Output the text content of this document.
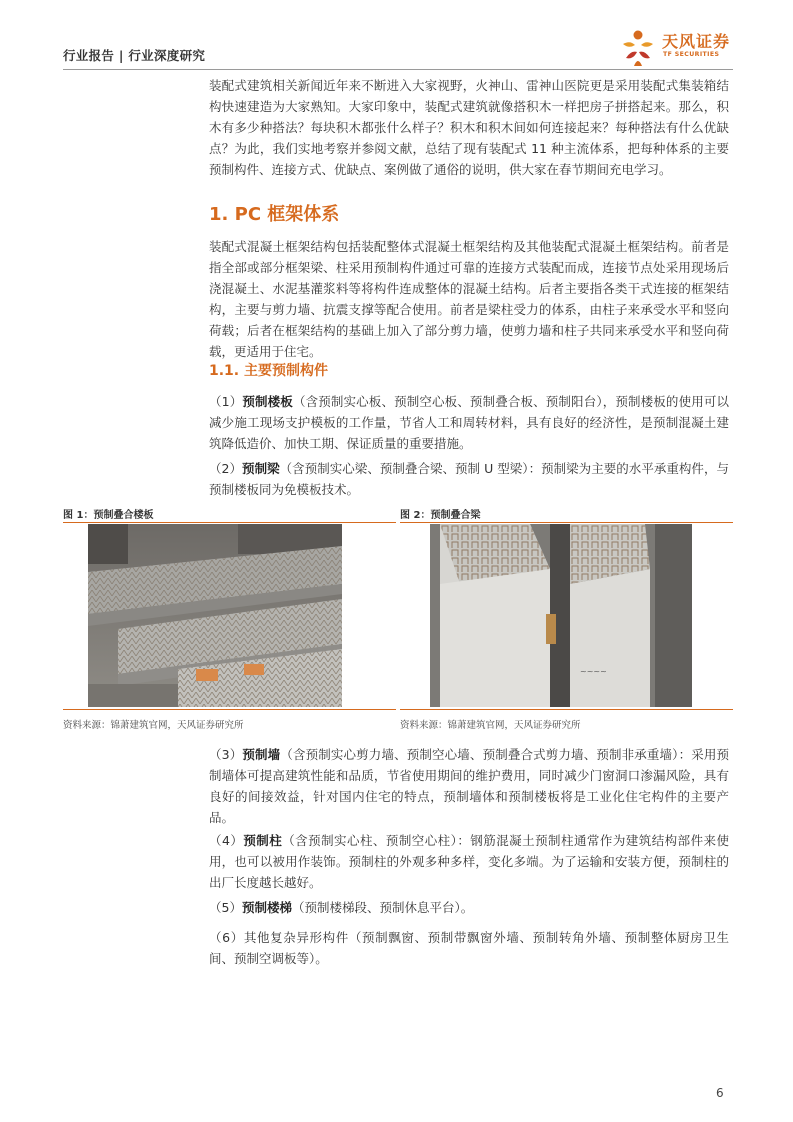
行业报告 | 行业深度研究
天风证券
TF SECURITIES

装配式建筑相关新闻近年来不断进入大家视野，火神山、雷神山医院更是采用装配式集装箱结构快速建造为大家熟知。大家印象中，装配式建筑就像搭积木一样把房子拼搭起来。那么，积木有多少种搭法？每块积木都张什么样子？积木和积木间如何连接起来？每种搭法有什么优缺点？为此，我们实地考察并参阅文献，总结了现有装配式 11 种主流体系，把每种体系的主要预制构件、连接方式、优缺点、案例做了通俗的说明，供大家在春节期间充电学习。

1. PC 框架体系

装配式混凝土框架结构包括装配整体式混凝土框架结构及其他装配式混凝土框架结构。前者是指全部或部分框架梁、柱采用预制构件通过可靠的连接方式装配而成，连接节点处采用现场后浇混凝土、水泥基灌浆料等将构件连成整体的混凝土结构。后者主要指各类干式连接的框架结构，主要与剪力墙、抗震支撑等配合使用。前者是梁柱受力的体系，由柱子来承受水平和竖向荷载；后者在框架结构的基础上加入了部分剪力墙，使剪力墙和柱子共同来承受水平和竖向荷载，更适用于住宅。

1.1. 主要预制构件

（1）预制楼板（含预制实心板、预制空心板、预制叠合板、预制阳台），预制楼板的使用可以减少施工现场支护模板的工作量，节省人工和周转材料，具有良好的经济性，是预制混凝土建筑降低造价、加快工期、保证质量的重要措施。

（2）预制梁（含预制实心梁、预制叠合梁、预制 U 型梁）：预制梁为主要的水平承重构件，与预制楼板同为免模板技术。

图 1：预制叠合楼板
资料来源：锦萧建筑官网，天风证券研究所
图 2：预制叠合梁
~~~~
资料来源：锦萧建筑官网，天风证券研究所

（3）预制墙（含预制实心剪力墙、预制空心墙、预制叠合式剪力墙、预制非承重墙）：采用预制墙体可提高建筑性能和品质，节省使用期间的维护费用，同时减少门窗洞口渗漏风险，具有良好的间接效益，针对国内住宅的特点，预制墙体和预制楼板将是工业化住宅构件的主要产品。

（4）预制柱（含预制实心柱、预制空心柱）：钢筋混凝土预制柱通常作为建筑结构部件来使用，也可以被用作装饰。预制柱的外观多种多样，变化多端。为了运输和安装方便，预制柱的出厂长度越长越好。

（5）预制楼梯（预制楼梯段、预制休息平台）。

（6）其他复杂异形构件（预制飘窗、预制带飘窗外墙、预制转角外墙、预制整体厨房卫生间、预制空调板等）。

6
